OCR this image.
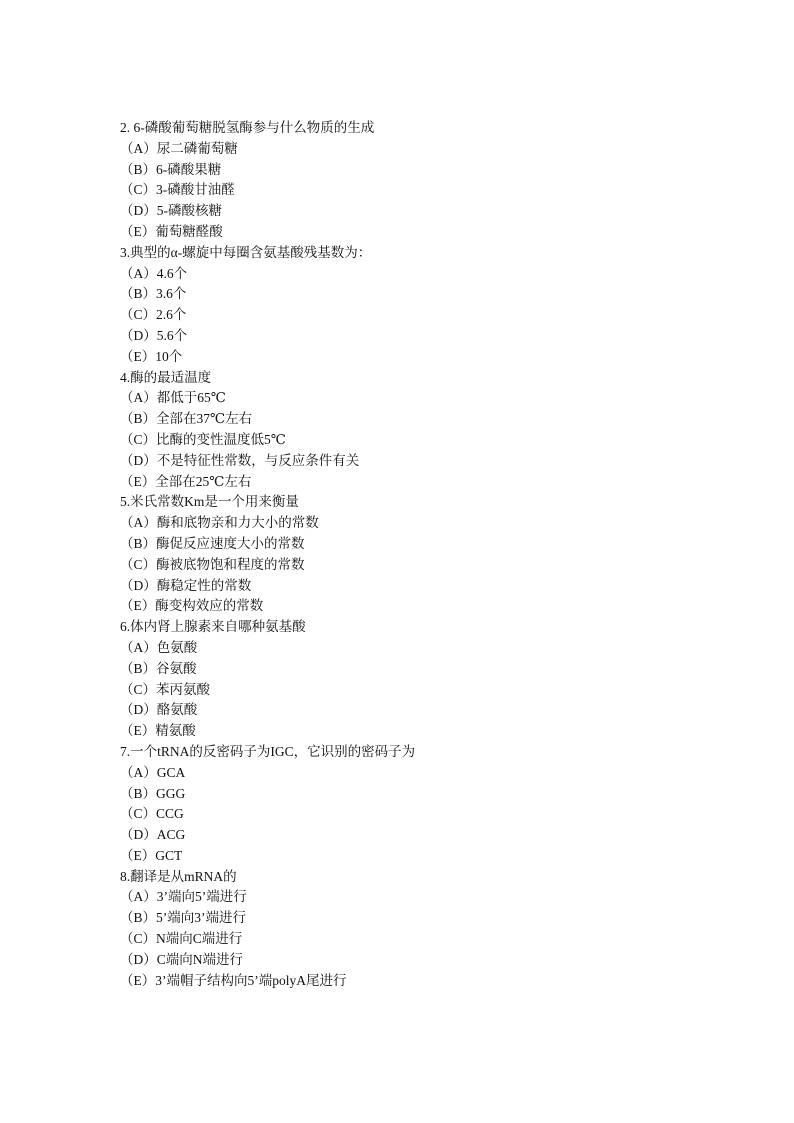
2. 6-磷酸葡萄糖脱氢酶参与什么物质的生成
（A）尿二磷葡萄糖
（B）6-磷酸果糖
（C）3-磷酸甘油醛
（D）5-磷酸核糖
（E）葡萄糖醛酸
3.典型的α-螺旋中每圈含氨基酸残基数为：
（A）4.6个
（B）3.6个
（C）2.6个
（D）5.6个
（E）10个
4.酶的最适温度
（A）都低于65℃
（B）全部在37℃左右
（C）比酶的变性温度低5℃
（D）不是特征性常数，与反应条件有关
（E）全部在25℃左右
5.米氏常数Km是一个用来衡量
（A）酶和底物亲和力大小的常数
（B）酶促反应速度大小的常数
（C）酶被底物饱和程度的常数
（D）酶稳定性的常数
（E）酶变构效应的常数
6.体内肾上腺素来自哪种氨基酸
（A）色氨酸
（B）谷氨酸
（C）苯丙氨酸
（D）酪氨酸
（E）精氨酸
7.一个tRNA的反密码子为IGC，它识别的密码子为
（A）GCA
（B）GGG
（C）CCG
（D）ACG
（E）GCT
8.翻译是从mRNA的
（A）3’端向5’端进行
（B）5’端向3’端进行
（C）N端向C端进行
（D）C端向N端进行
（E）3’端帽子结构向5’端polyA尾进行
